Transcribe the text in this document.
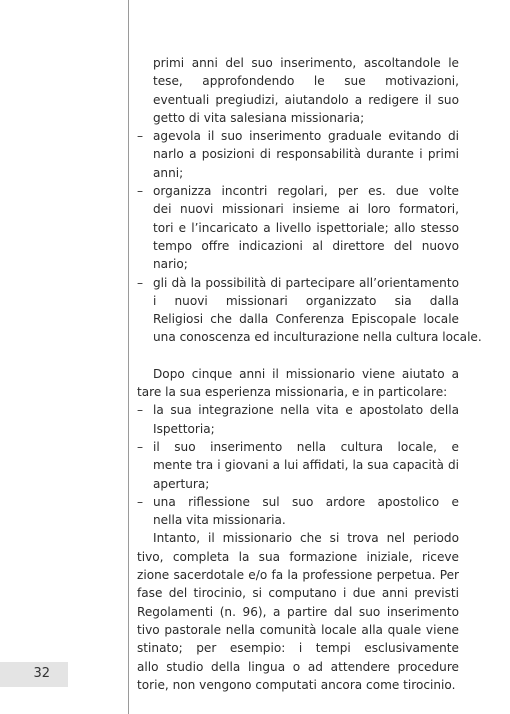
32
primi anni del suo inserimento, ascoltandole le
tese, approfondendo le sue motivazioni,
eventuali pregiudizi, aiutandolo a redigere il suo
getto di vita salesiana missionaria;
– agevola il suo inserimento graduale evitando di
narlo a posizioni di responsabilità durante i primi
anni;
– organizza incontri regolari, per es. due volte
dei nuovi missionari insieme ai loro formatori,
tori e l’incaricato a livello ispettoriale; allo stesso
tempo offre indicazioni al direttore del nuovo
nario;
– gli dà la possibilità di partecipare all’orientamento
i nuovi missionari organizzato sia dalla
Religiosi che dalla Conferenza Episcopale locale
una conoscenza ed inculturazione nella cultura locale.
Dopo cinque anni il missionario viene aiutato a
tare la sua esperienza missionaria, e in particolare:
– la sua integrazione nella vita e apostolato della
Ispettoria;
– il suo inserimento nella cultura locale, e
mente tra i giovani a lui affidati, la sua capacità di
apertura;
– una riflessione sul suo ardore apostolico e
nella vita missionaria.
Intanto, il missionario che si trova nel periodo
tivo, completa la sua formazione iniziale, riceve
zione sacerdotale e/o fa la professione perpetua. Per
fase del tirocinio, si computano i due anni previsti
Regolamenti (n. 96), a partire dal suo inserimento
tivo pastorale nella comunità locale alla quale viene
stinato; per esempio: i tempi esclusivamente
allo studio della lingua o ad attendere procedure
torie, non vengono computati ancora come tirocinio.
